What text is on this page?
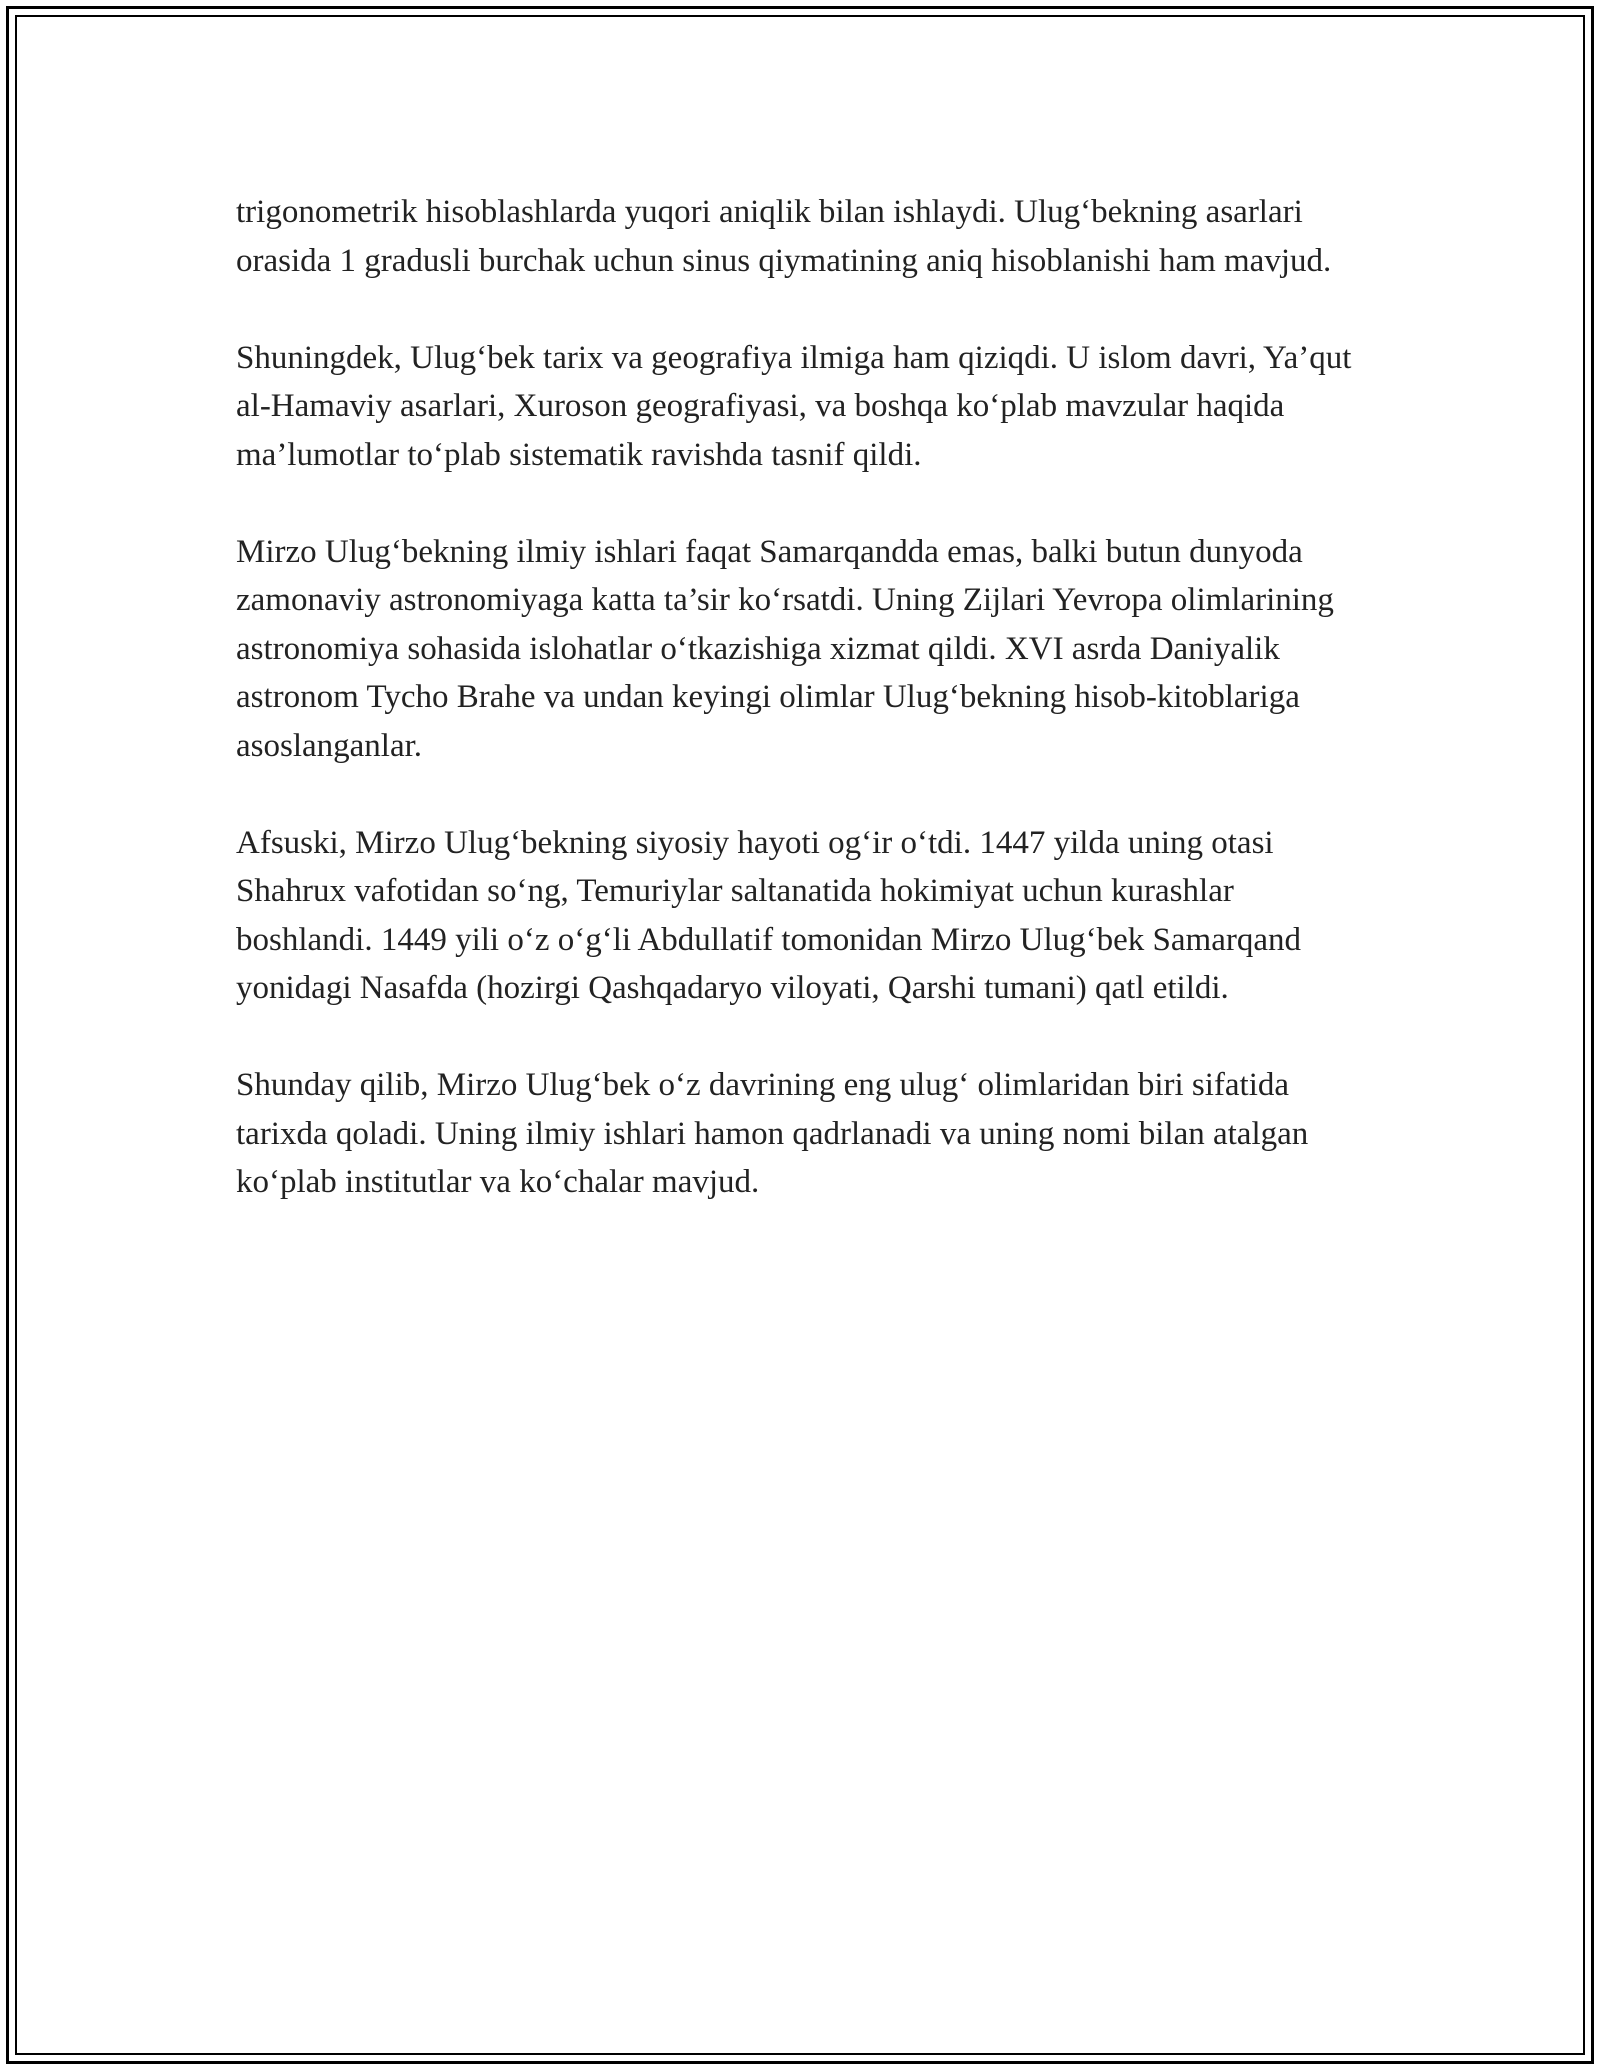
trigonometrik hisoblashlarda yuqori aniqlik bilan ishlaydi. Ulug‘bekning asarlari orasida 1 gradusli burchak uchun sinus qiymatining aniq hisoblanishi ham mavjud.

Shuningdek, Ulug‘bek tarix va geografiya ilmiga ham qiziqdi. U islom davri, Ya’qut al-Hamaviy asarlari, Xuroson geografiyasi, va boshqa ko‘plab mavzular haqida ma’lumotlar to‘plab sistematik ravishda tasnif qildi.

Mirzo Ulug‘bekning ilmiy ishlari faqat Samarqandda emas, balki butun dunyoda zamonaviy astronomiyaga katta ta’sir ko‘rsatdi. Uning Zijlari Yevropa olimlarining astronomiya sohasida islohatlar o‘tkazishiga xizmat qildi. XVI asrda Daniyalik astronom Tycho Brahe va undan keyingi olimlar Ulug‘bekning hisob-kitoblariga asoslanganlar.

Afsuski, Mirzo Ulug‘bekning siyosiy hayoti og‘ir o‘tdi. 1447 yilda uning otasi Shahrux vafotidan so‘ng, Temuriylar saltanatida hokimiyat uchun kurashlar boshlandi. 1449 yili o‘z o‘g‘li Abdullatif tomonidan Mirzo Ulug‘bek Samarqand yonidagi Nasafda (hozirgi Qashqadaryo viloyati, Qarshi tumani) qatl etildi.

Shunday qilib, Mirzo Ulug‘bek o‘z davrining eng ulug‘ olimlaridan biri sifatida tarixda qoladi. Uning ilmiy ishlari hamon qadrlanadi va uning nomi bilan atalgan ko‘plab institutlar va ko‘chalar mavjud.
